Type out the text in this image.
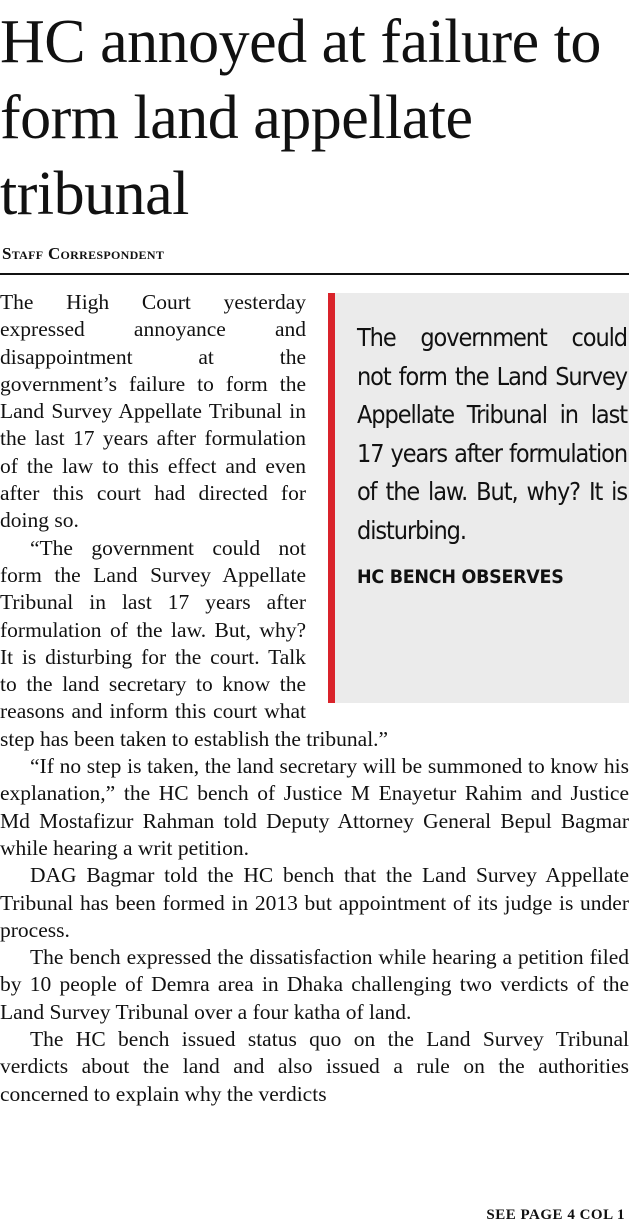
HC annoyed at failure to form land appellate tribunal
Staff Correspondent
The government could not form the Land Survey Appellate Tribunal in last 17 years after formulation of the law. But, why? It is disturbing.
HC BENCH OBSERVES

The High Court yesterday expressed annoyance and disappointment at the government’s failure to form the Land Survey Appellate Tribunal in the last 17 years after formulation of the law to this effect and even after this court had directed for doing so.

“The government could not form the Land Survey Appellate Tribunal in last 17 years after formulation of the law. But, why? It is disturbing for the court. Talk to the land secretary to know the reasons and inform this court what step has been taken to establish the tribunal.”

“If no step is taken, the land secretary will be summoned to know his explanation,” the HC bench of Justice M Enayetur Rahim and Justice Md Mostafizur Rahman told Deputy Attorney General Bepul Bagmar while hearing a writ petition.

DAG Bagmar told the HC bench that the Land Survey Appellate Tribunal has been formed in 2013 but appointment of its judge is under process.

The bench expressed the dissatisfaction while hearing a petition filed by 10 people of Demra area in Dhaka challenging two verdicts of the Land Survey Tribunal over a four katha of land.

The HC bench issued status quo on the Land Survey Tribunal verdicts about the land and also issued a rule on the authorities concerned to explain why the verdicts

SEE PAGE 4 COL 1
